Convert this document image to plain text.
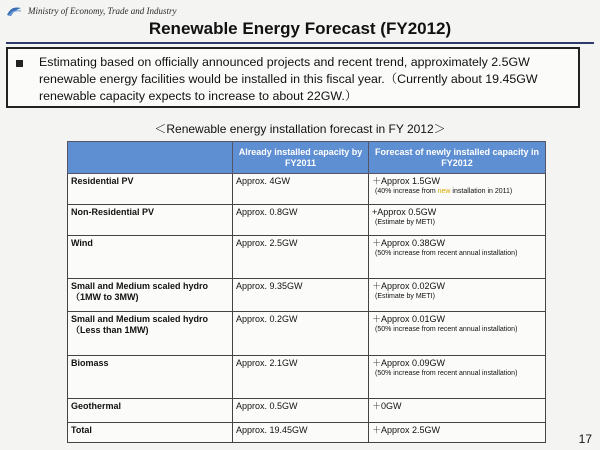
Ministry of Economy, Trade and Industry
Renewable Energy Forecast (FY2012)
Estimating based on officially announced projects and recent trend, approximately 2.5GW renewable energy facilities would be installed in this fiscal year.（Currently about 19.45GW renewable capacity expects to increase to about 22GW.）
＜Renewable energy installation forecast in FY 2012＞
	Already installed capacity by FY2011	Forecast of newly installed capacity in FY2012
Residential PV	Approx. 4GW	＋Approx 1.5GW
(40% increase from new installation in 2011)

Non-Residential PV	Approx. 0.8GW	+Approx 0.5GW
(Estimate by METI)

Wind	Approx. 2.5GW	＋Approx 0.38GW
(50% increase from recent annual installation)

Small and Medium scaled hydro （1MW to 3MW)	Approx. 9.35GW	＋Approx 0.02GW
(Estimate by METI)

Small and Medium scaled hydro （Less than 1MW)	Approx. 0.2GW	＋Approx 0.01GW
(50% increase from recent annual installation)

Biomass	Approx. 2.1GW	＋Approx 0.09GW
(50% increase from recent annual installation)

Geothermal	Approx. 0.5GW	＋0GW

Total	Approx. 19.45GW	＋Approx 2.5GW
17
